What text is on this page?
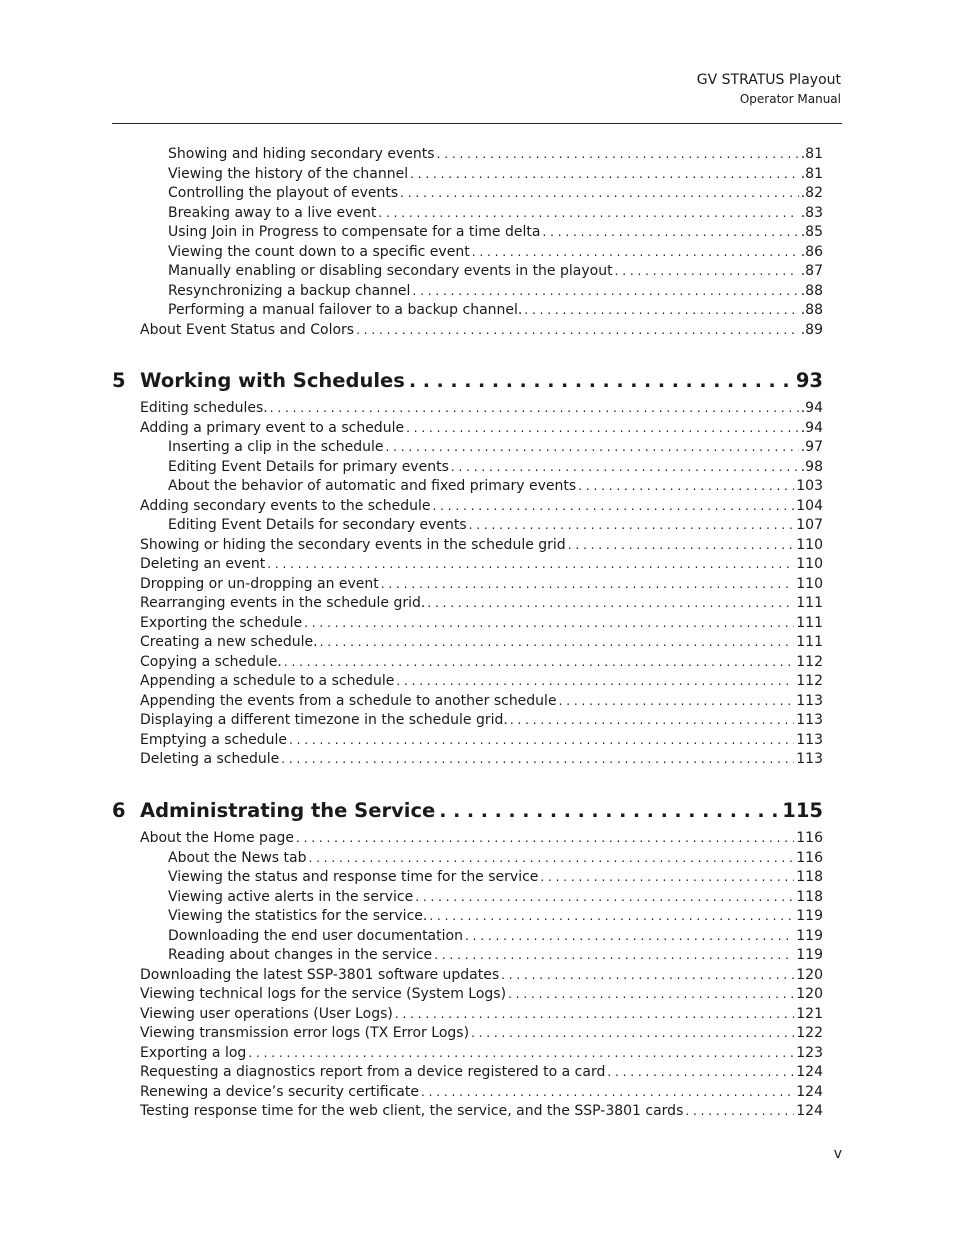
GV STRATUS Playout
Operator Manual
Showing and hiding secondary events . . .	.81
Viewing the history of the channel . . .	.81
Controlling the playout of events . . .	.82
Breaking away to a live event . . .	.83
Using Join in Progress to compensate for a time delta . . .	.85
Viewing the count down to a specific event . . .	.86
Manually enabling or disabling secondary events in the playout . . .	.87
Resynchronizing a backup channel . . .	.88
Performing a manual failover to a backup channel. . . .	.88
About Event Status and Colors . . .	.89
5 Working with Schedules . . .	93
Editing schedules. . . .	.94
Adding a primary event to a schedule . . .	.94
Inserting a clip in the schedule . . .	.97
Editing Event Details for primary events . . .	.98
About the behavior of automatic and fixed primary events . . .	103
Adding secondary events to the schedule . . .	104
Editing Event Details for secondary events . . .	107
Showing or hiding the secondary events in the schedule grid . . .	110
Deleting an event . . .	110
Dropping or un-dropping an event . . .	110
Rearranging events in the schedule grid. . . .	111
Exporting the schedule . . .	111
Creating a new schedule. . . .	111
Copying a schedule. . . .	112
Appending a schedule to a schedule . . .	112
Appending the events from a schedule to another schedule . . .	113
Displaying a different timezone in the schedule grid. . . .	113
Emptying a schedule . . .	113
Deleting a schedule . . .	113
6 Administrating the Service . . .	115
About the Home page . . .	116
About the News tab . . .	116
Viewing the status and response time for the service . . .	118
Viewing active alerts in the service . . .	118
Viewing the statistics for the service. . . .	119
Downloading the end user documentation . . .	119
Reading about changes in the service . . .	119
Downloading the latest SSP-3801 software updates . . .	120
Viewing technical logs for the service (System Logs) . . .	120
Viewing user operations (User Logs) . . .	121
Viewing transmission error logs (TX Error Logs) . . .	122
Exporting a log . . .	123
Requesting a diagnostics report from a device registered to a card . . .	124
Renewing a device’s security certificate . . .	124
Testing response time for the web client, the service, and the SSP-3801 cards . . .	124
v
